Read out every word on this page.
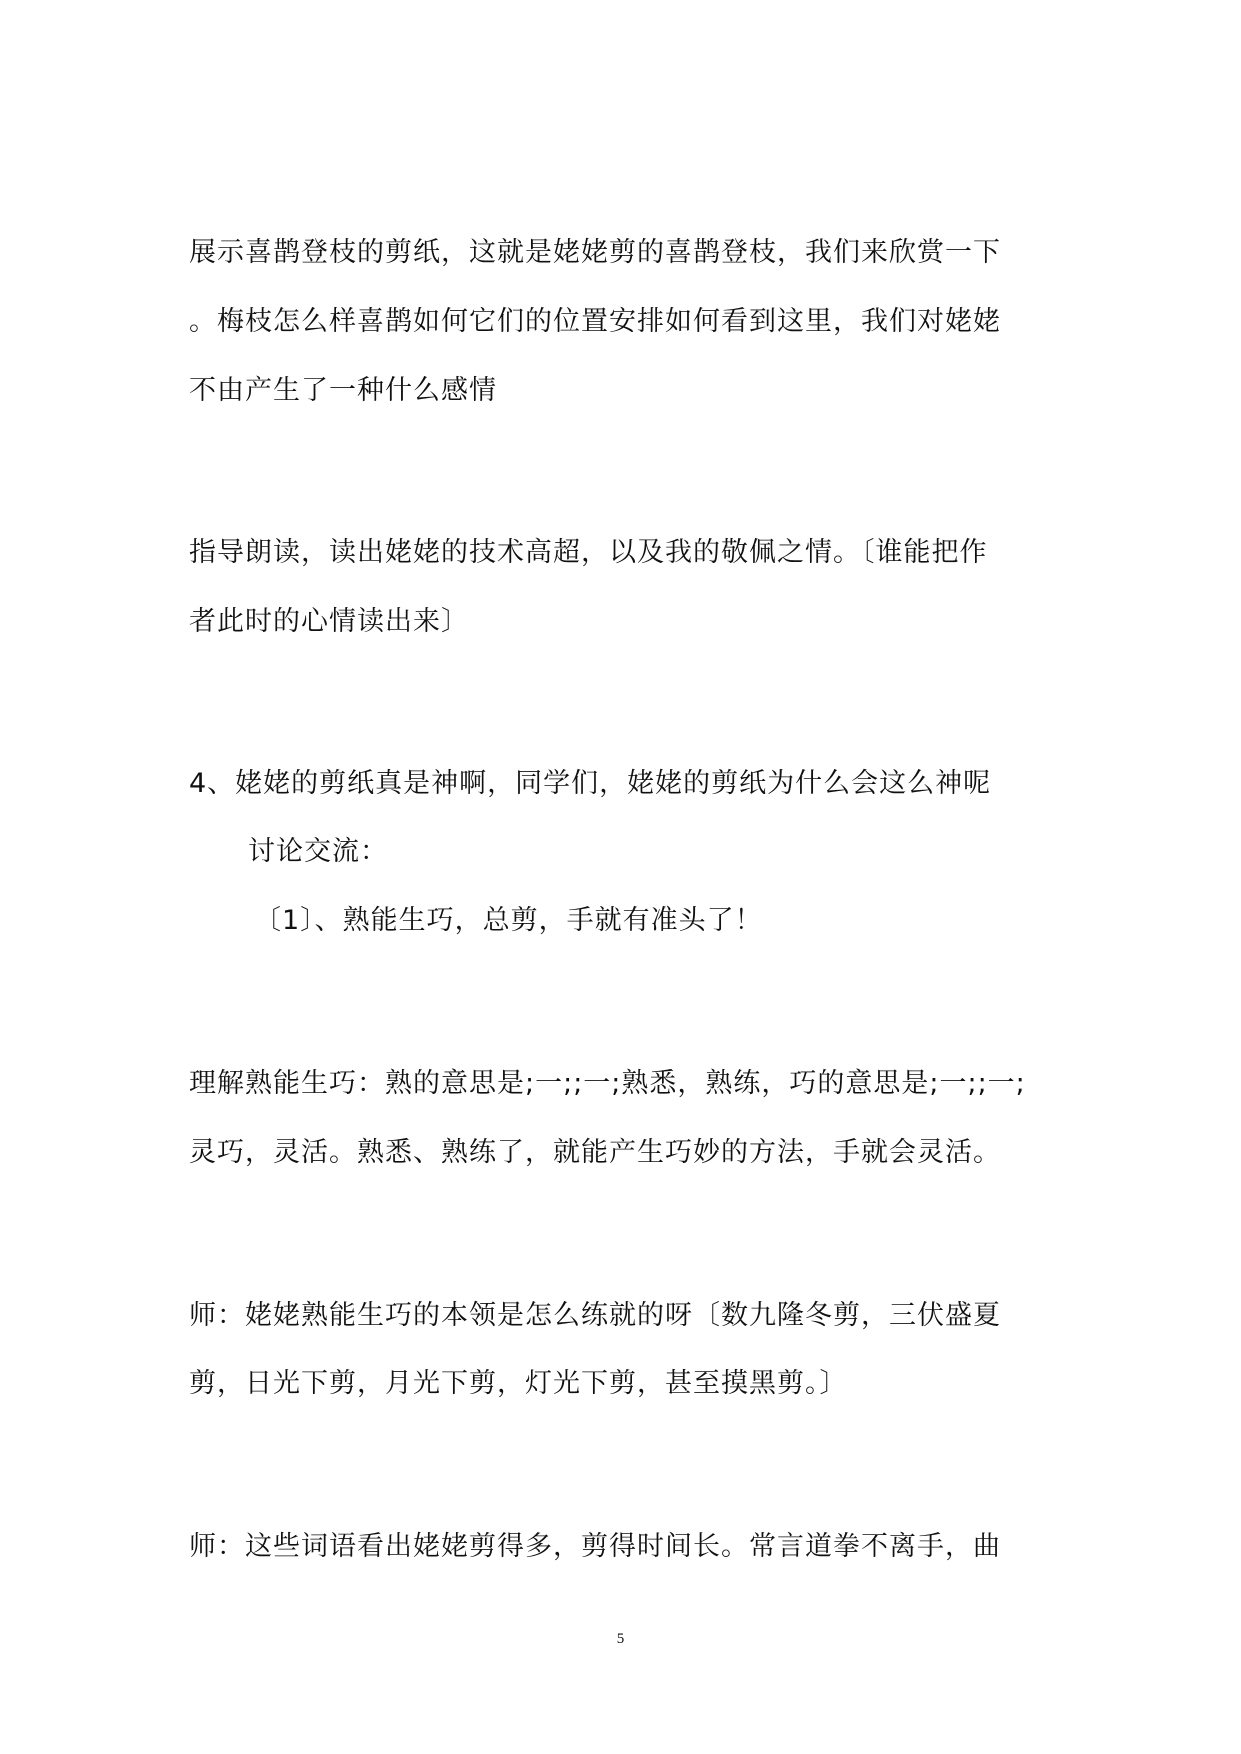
展示喜鹊登枝的剪纸，这就是姥姥剪的喜鹊登枝，我们来欣赏一下
。梅枝怎么样喜鹊如何它们的位置安排如何看到这里，我们对姥姥
不由产生了一种什么感情
指导朗读，读出姥姥的技术高超，以及我的敬佩之情。〔谁能把作
者此时的心情读出来〕
4、姥姥的剪纸真是神啊，同学们，姥姥的剪纸为什么会这么神呢
讨论交流：
〔1〕、熟能生巧，总剪，手就有准头了！
理解熟能生巧：熟的意思是;一;;一;熟悉，熟练，巧的意思是;一;;一;
灵巧，灵活。熟悉、熟练了，就能产生巧妙的方法，手就会灵活。
师：姥姥熟能生巧的本领是怎么练就的呀〔数九隆冬剪，三伏盛夏
剪，日光下剪，月光下剪，灯光下剪，甚至摸黑剪。〕
师：这些词语看出姥姥剪得多，剪得时间长。常言道拳不离手，曲
5
